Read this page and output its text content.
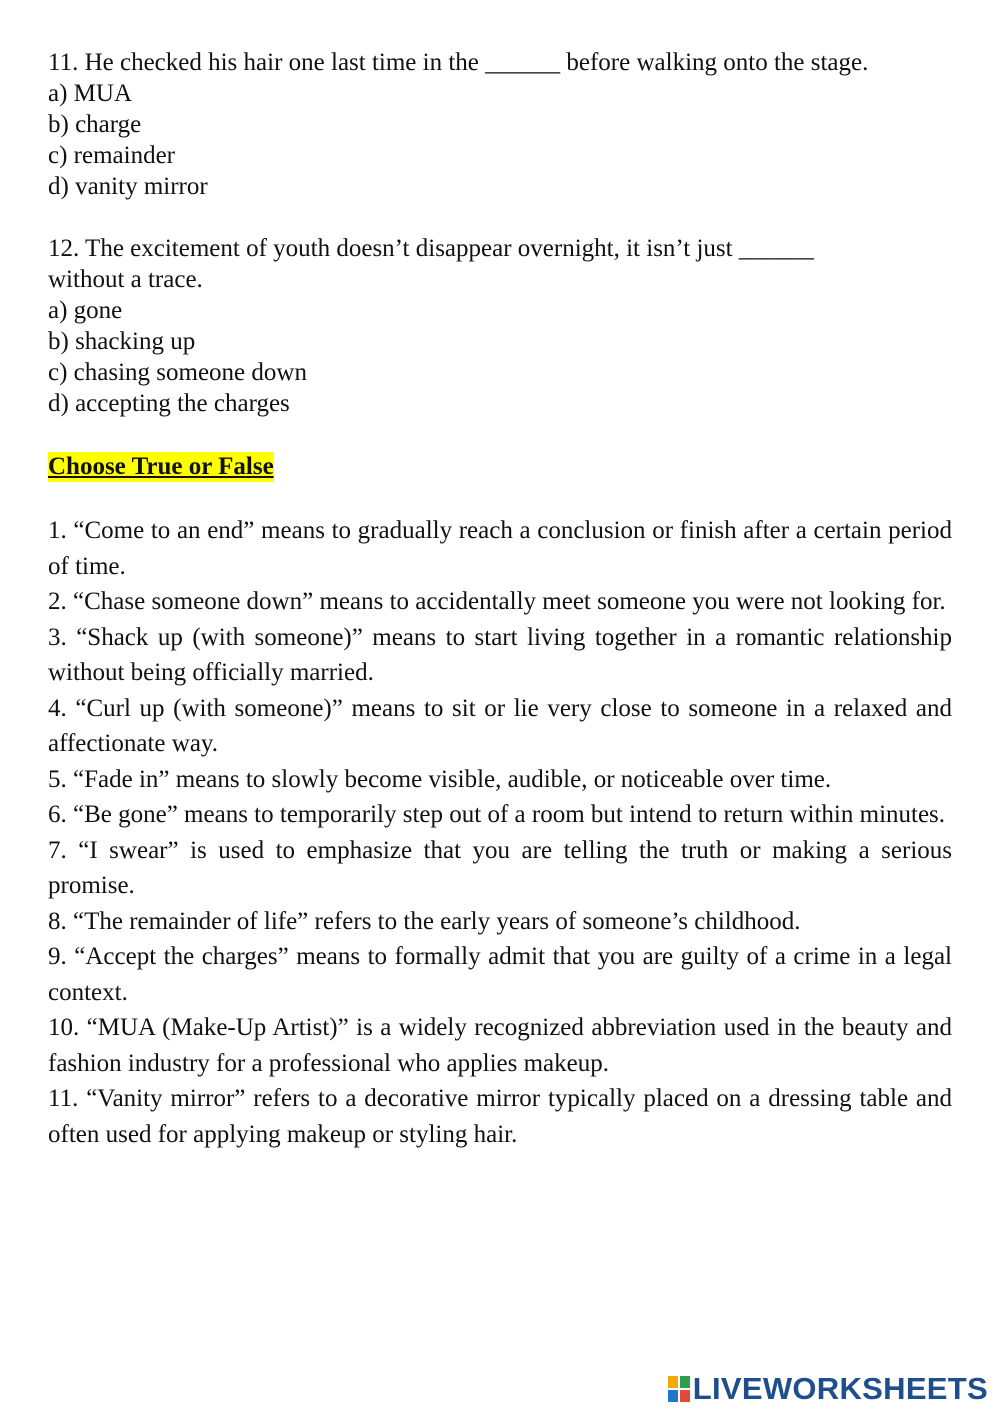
11. He checked his hair one last time in the ______ before walking onto the stage.

a) MUA

b) charge

c) remainder

d) vanity mirror

12. The excitement of youth doesn’t disappear overnight, it isn’t just ______ without a trace.

a) gone

b) shacking up

c) chasing someone down

d) accepting the charges

Choose True or False

1. “Come to an end” means to gradually reach a conclusion or finish after a certain period of time.

2. “Chase someone down” means to accidentally meet someone you were not looking for.

3. “Shack up (with someone)” means to start living together in a romantic relationship without being officially married.

4. “Curl up (with someone)” means to sit or lie very close to someone in a relaxed and affectionate way.

5. “Fade in” means to slowly become visible, audible, or noticeable over time.

6. “Be gone” means to temporarily step out of a room but intend to return within minutes.

7. “I swear” is used to emphasize that you are telling the truth or making a serious promise.

8. “The remainder of life” refers to the early years of someone’s childhood.

9. “Accept the charges” means to formally admit that you are guilty of a crime in a legal context.

10. “MUA (Make-Up Artist)” is a widely recognized abbreviation used in the beauty and fashion industry for a professional who applies makeup.

11. “Vanity mirror” refers to a decorative mirror typically placed on a dressing table and often used for applying makeup or styling hair.

LIVEWORKSHEETS
